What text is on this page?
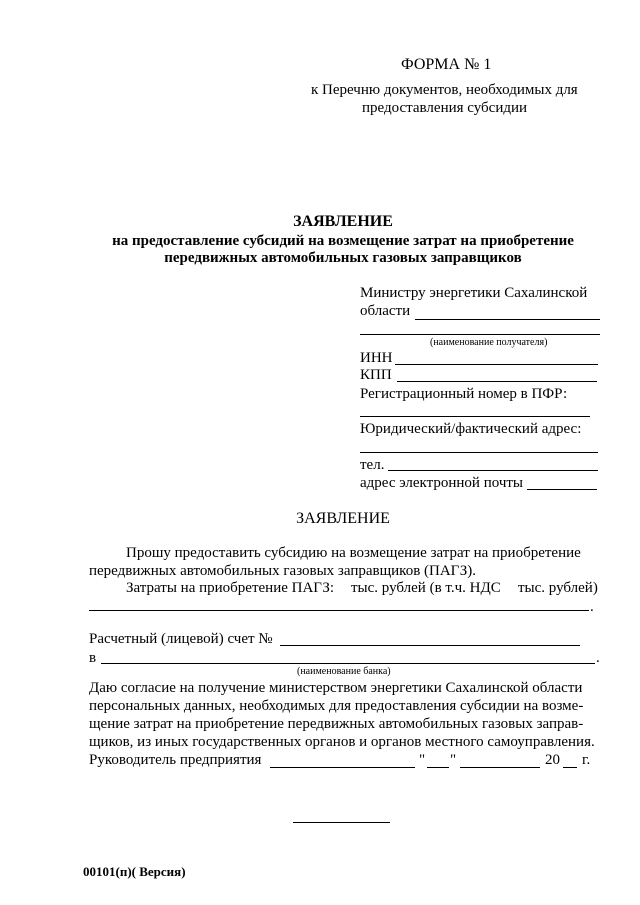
ФОРМА № 1
к Перечню документов, необходимых для
предоставления субсидии
ЗАЯВЛЕНИЕ
на предоставление субсидий на возмещение затрат на приобретение
передвижных автомобильных газовых заправщиков
Министру энергетики Сахалинской
области
(наименование получателя)
ИНН
КПП
Регистрационный номер в ПФР:
Юридический/фактический адрес:
тел.
адрес электронной почты
ЗАЯВЛЕНИЕ
Прошу предоставить субсидию на возмещение затрат на приобретение
передвижных автомобильных газовых заправщиков (ПАГЗ).
Затраты на приобретение ПАГЗ: тыс. рублей (в т.ч. НДС тыс. рублей)
.
Расчетный (лицевой) счет №
в	.
(наименование банка)
Даю согласие на получение министерством энергетики Сахалинской области
персональных данных, необходимых для предоставления субсидии на возме-
щение затрат на приобретение передвижных автомобильных газовых заправ-
щиков, из иных государственных органов и органов местного самоуправления.
Руководитель предприятия	" "	20 г.
00101(п)( Версия)
